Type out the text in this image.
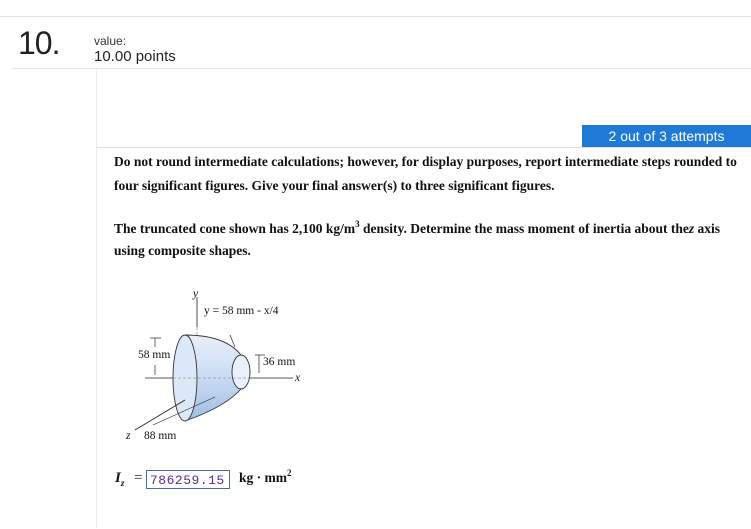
10.	value:
10.00 points
2 out of 3 attempts
Do not round intermediate calculations; however, for display purposes, report intermediate steps rounded to four significant figures. Give your final answer(s) to three significant figures.
The truncated cone shown has 2,100 $kg/m^3$ density. Determine the mass moment of inertia about thez axis using composite shapes.
y
y = 58 mm - x/4
58 mm
36 mm
x
z 88 mm
$I_z = 786259.15$	kg · $mm^2$
